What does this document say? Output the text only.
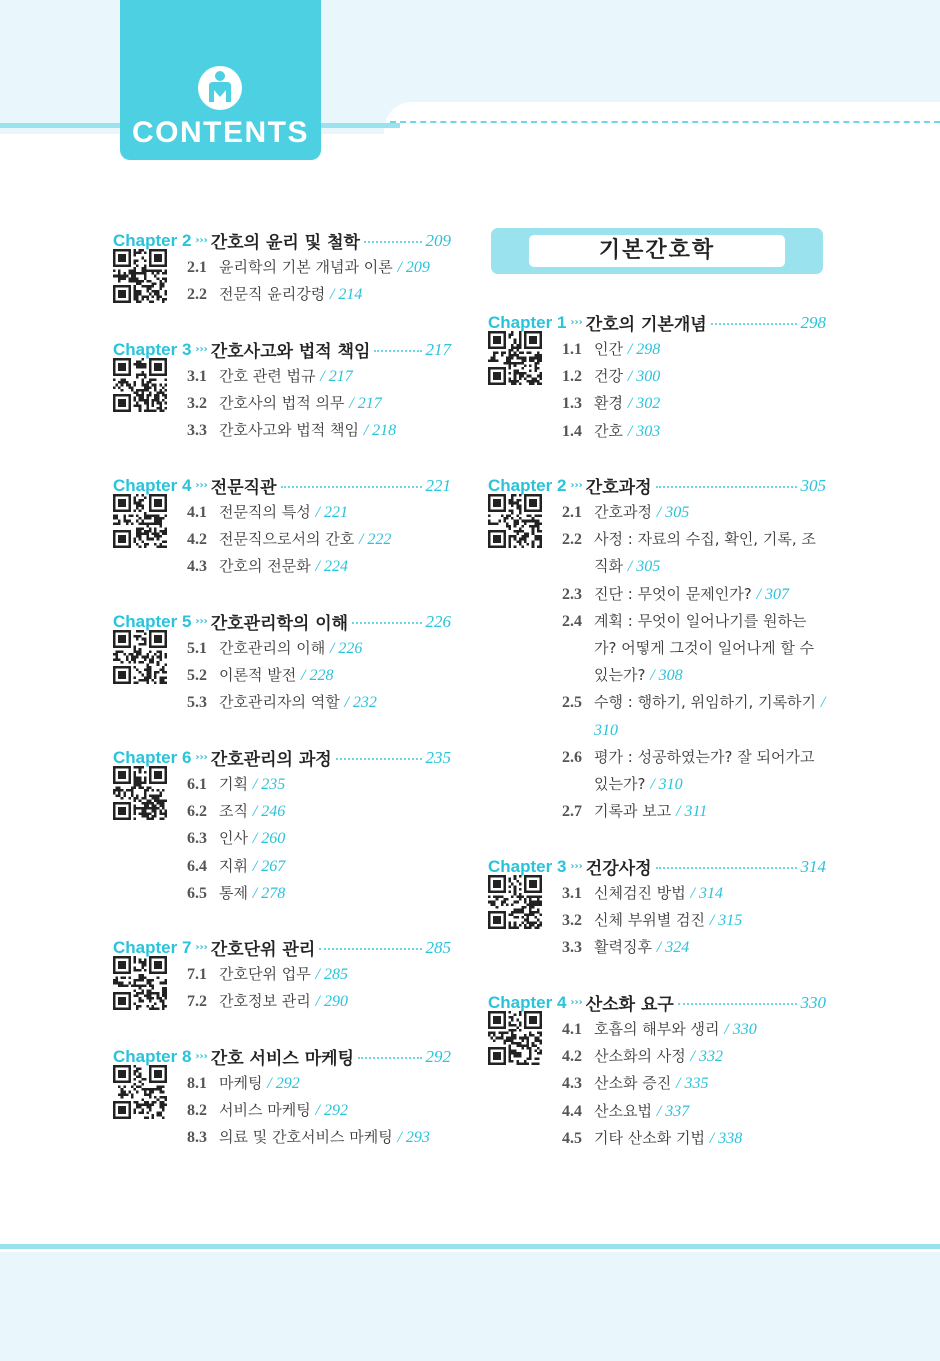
CONTENTS
기본간호학
Chapter 2 ››› 간호의 윤리 및 철학	209
2.1 윤리학의 기본 개념과 이론 / 209
2.2 전문직 윤리강령 / 214
Chapter 3 ››› 간호사고와 법적 책임	217
3.1 간호 관련 법규 / 217
3.2 간호사의 법적 의무 / 217
3.3 간호사고와 법적 책임 / 218
Chapter 4 ››› 전문직관	221
4.1 전문직의 특성 / 221
4.2 전문직으로서의 간호 / 222
4.3 간호의 전문화 / 224
Chapter 5 ››› 간호관리학의 이해	226
5.1 간호관리의 이해 / 226
5.2 이론적 발전 / 228
5.3 간호관리자의 역할 / 232
Chapter 6 ››› 간호관리의 과정	235
6.1 기획 / 235
6.2 조직 / 246
6.3 인사 / 260
6.4 지휘 / 267
6.5 통제 / 278
Chapter 7 ››› 간호단위 관리	285
7.1 간호단위 업무 / 285
7.2 간호정보 관리 / 290
Chapter 8 ››› 간호 서비스 마케팅	292
8.1 마케팅 / 292
8.2 서비스 마케팅 / 292
8.3 의료 및 간호서비스 마케팅 / 293
Chapter 1 ››› 간호의 기본개념	298
1.1 인간 / 298
1.2 건강 / 300
1.3 환경 / 302
1.4 간호 / 303
Chapter 2 ››› 간호과정	305
2.1 간호과정 / 305
2.2 사정 : 자료의 수집, 확인, 기록, 조직화 / 305
2.3 진단 : 무엇이 문제인가? / 307
2.4 계획 : 무엇이 일어나기를 원하는가? 어떻게 그것이 일어나게 할 수 있는가? / 308
2.5 수행 : 행하기, 위임하기, 기록하기 / 310
2.6 평가 : 성공하였는가? 잘 되어가고 있는가? / 310
2.7 기록과 보고 / 311
Chapter 3 ››› 건강사정	314
3.1 신체검진 방법 / 314
3.2 신체 부위별 검진 / 315
3.3 활력징후 / 324
Chapter 4 ››› 산소화 요구	330
4.1 호흡의 해부와 생리 / 330
4.2 산소화의 사정 / 332
4.3 산소화 증진 / 335
4.4 산소요법 / 337
4.5 기타 산소화 기법 / 338
